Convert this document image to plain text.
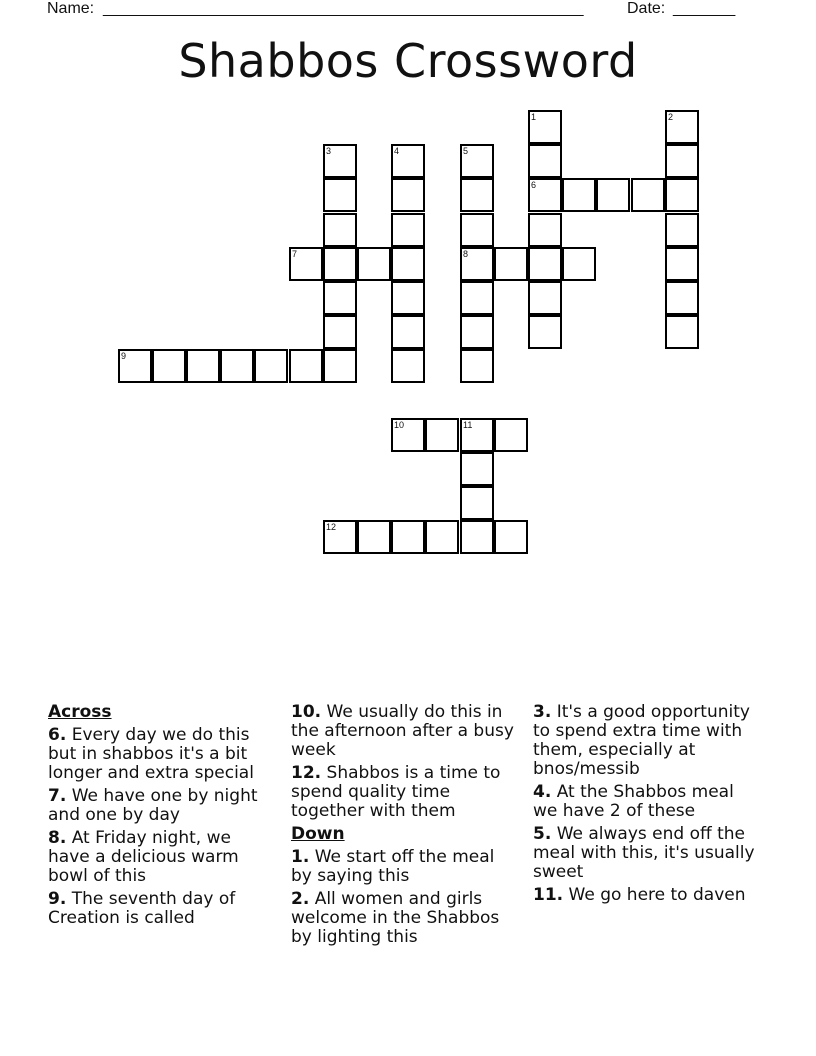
Name: ______________________________________________________	Date: _______
Shabbos Crossword
1	2
3	4	5
6
7	8
9
10	11
12
Across
6. Every day we do this but in shabbos it's a bit longer and extra special
7. We have one by night and one by day
8. At Friday night, we have a delicious warm bowl of this
9. The seventh day of Creation is called
10. We usually do this in the afternoon after a busy week
12. Shabbos is a time to spend quality time together with them
Down
1. We start off the meal by saying this
2. All women and girls welcome in the Shabbos by lighting this
3. It's a good opportunity to spend extra time with them, especially at bnos/messib
4. At the Shabbos meal we have 2 of these
5. We always end off the meal with this, it's usually sweet
11. We go here to daven
